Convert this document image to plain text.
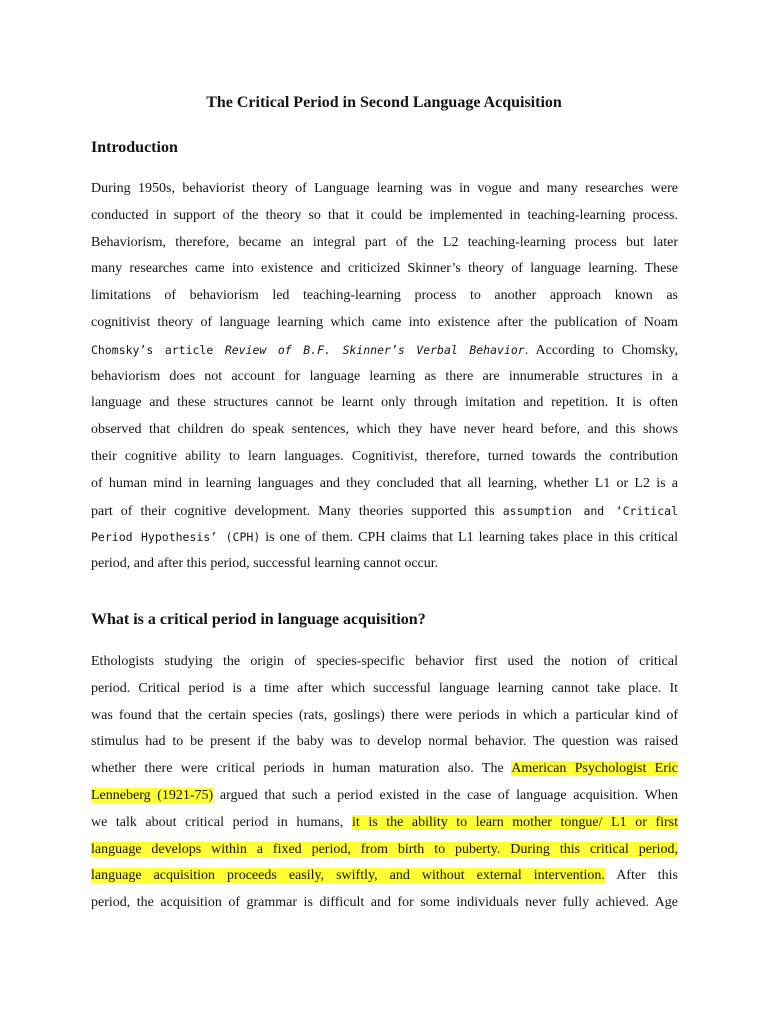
The Critical Period in Second Language Acquisition
Introduction
During 1950s, behaviorist theory of Language learning was in vogue and many researches were
conducted in support of the theory so that it could be implemented in teaching-learning process.
Behaviorism, therefore, became an integral part of the L2 teaching-learning process but later
many researches came into existence and criticized Skinner’s theory of language learning. These
limitations of behaviorism led teaching-learning process to another approach known as
cognitivist theory of language learning which came into existence after the publication of Noam
Chomsky’s article Review of B.F. Skinner’s Verbal Behavior. According to Chomsky,
behaviorism does not account for language learning as there are innumerable structures in a
language and these structures cannot be learnt only through imitation and repetition. It is often
observed that children do speak sentences, which they have never heard before, and this shows
their cognitive ability to learn languages. Cognitivist, therefore, turned towards the contribution
of human mind in learning languages and they concluded that all learning, whether L1 or L2 is a
part of their cognitive development. Many theories supported this assumption and ‘Critical
Period Hypothesis’ (CPH) is one of them. CPH claims that L1 learning takes place in this critical
period, and after this period, successful learning cannot occur.
What is a critical period in language acquisition?
Ethologists studying the origin of species-specific behavior first used the notion of critical
period. Critical period is a time after which successful language learning cannot take place. It
was found that the certain species (rats, goslings) there were periods in which a particular kind of
stimulus had to be present if the baby was to develop normal behavior. The question was raised
whether there were critical periods in human maturation also. The American Psychologist Eric
Lenneberg (1921-75) argued that such a period existed in the case of language acquisition. When
we talk about critical period in humans, it is the ability to learn mother tongue/ L1 or first
language develops within a fixed period, from birth to puberty. During this critical period,
language acquisition proceeds easily, swiftly, and without external intervention. After this
period, the acquisition of grammar is difficult and for some individuals never fully achieved. Age
